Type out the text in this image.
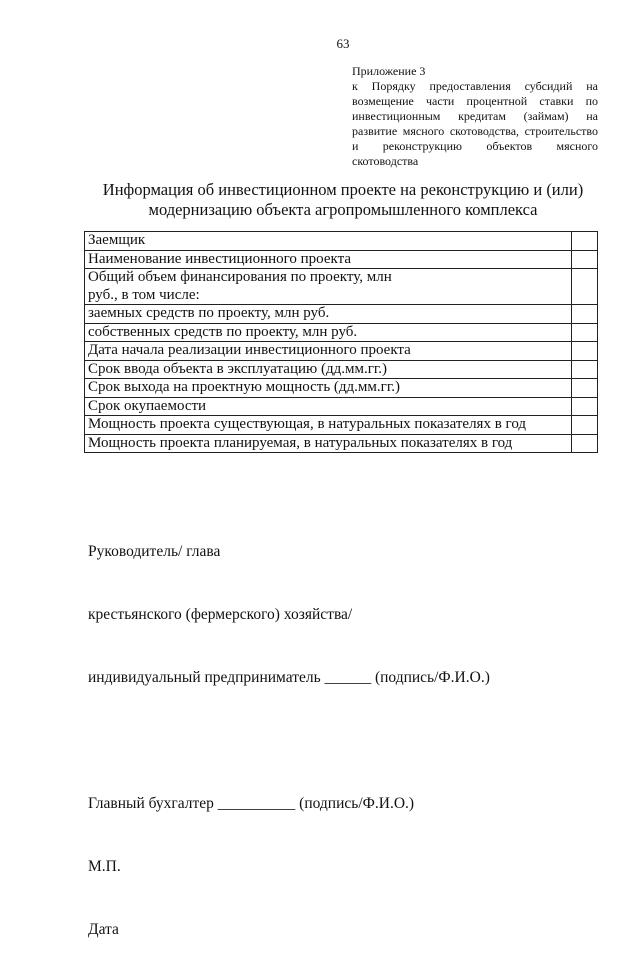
63
Приложение 3
к Порядку предоставления субсидий на возмещение части процентной ставки по инвестиционным кредитам (займам) на развитие мясного скотоводства, строительство и реконструкцию объектов мясного скотоводства
Информация об инвестиционном проекте на реконструкцию и (или)
модернизацию объекта агропромышленного комплекса
Заемщик	
Наименование инвестиционного проекта	
Общий объем финансирования по проекту, млн руб., в том числе:	
заемных средств по проекту, млн руб.	
собственных средств по проекту, млн руб.	
Дата начала реализации инвестиционного проекта	
Срок ввода объекта в эксплуатацию (дд.мм.гг.)	
Срок выхода на проектную мощность (дд.мм.гг.)	
Срок окупаемости	
Мощность проекта существующая, в натуральных показателях в год	
Мощность проекта планируемая, в натуральных показателях в год	

Руководитель/ глава

крестьянского (фермерского) хозяйства/

индивидуальный предприниматель ______ (подпись/Ф.И.О.)

Главный бухгалтер __________ (подпись/Ф.И.О.)

М.П.

Дата
